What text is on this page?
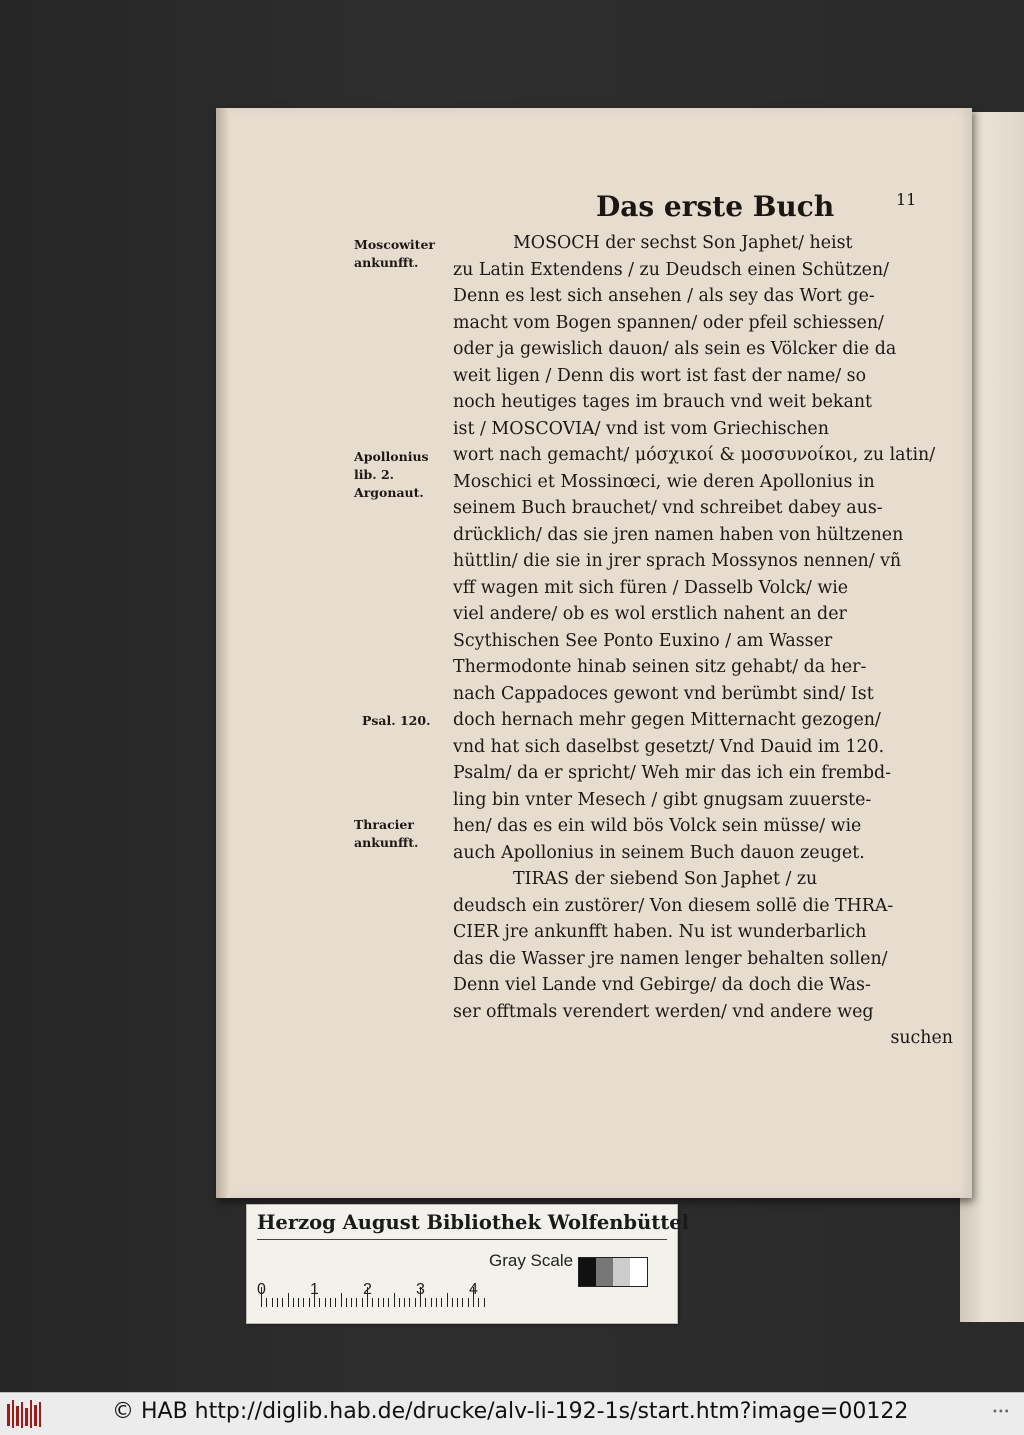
Das erste Buch	11
Moscowiter ankunfft.
Apollonius lib. 2. Argonaut.
Psal. 120.
Thracier ankunfft.
MOSOCH der sechst Son Japhet/ heist
zu Latin Extendens / zu Deudsch einen Schützen/
Denn es lest sich ansehen / als sey das Wort ge-
macht vom Bogen spannen/ oder pfeil schiessen/
oder ja gewislich dauon/ als sein es Völcker die da
weit ligen / Denn dis wort ist fast der name/ so
noch heutiges tages im brauch vnd weit bekant
ist / MOSCOVIA/ vnd ist vom Griechischen
wort nach gemacht/ μόσχικοί & μοσσυνοίκοι, zu latin/
Moschici et Mossinœci, wie deren Apollonius in
seinem Buch brauchet/ vnd schreibet dabey aus-
drücklich/ das sie jren namen haben von hültzenen
hüttlin/ die sie in jrer sprach Mossynos nennen/ vñ
vff wagen mit sich füren / Dasselb Volck/ wie
viel andere/ ob es wol erstlich nahent an der
Scythischen See Ponto Euxino / am Wasser
Thermodonte hinab seinen sitz gehabt/ da her-
nach Cappadoces gewont vnd berümbt sind/ Ist
doch hernach mehr gegen Mitternacht gezogen/
vnd hat sich daselbst gesetzt/ Vnd Dauid im 120.
Psalm/ da er spricht/ Weh mir das ich ein frembd-
ling bin vnter Mesech / gibt gnugsam zuuerste-
hen/ das es ein wild bös Volck sein müsse/ wie
auch Apollonius in seinem Buch dauon zeuget.
TIRAS der siebend Son Japhet / zu
deudsch ein zustörer/ Von diesem sollē die THRA-
CIER jre ankunfft haben. Nu ist wunderbarlich
das die Wasser jre namen lenger behalten sollen/
Denn viel Lande vnd Gebirge/ da doch die Was-
ser offtmals verendert werden/ vnd andere weg
suchen
Herzog August Bibliothek Wolfenbüttel
0	1	2	3	4
Gray Scale
© HAB http://diglib.hab.de/drucke/alv-li-192-1s/start.htm?image=00122	•••
